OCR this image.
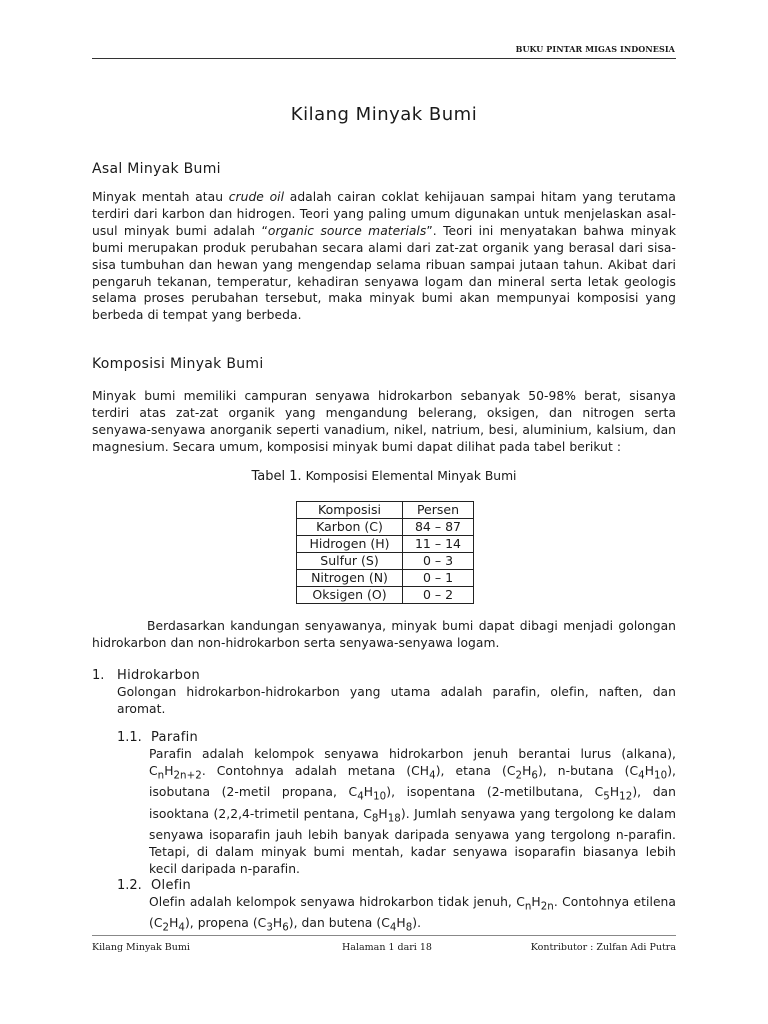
BUKU PINTAR MIGAS INDONESIA
Kilang Minyak Bumi
Asal Minyak Bumi
Minyak mentah atau crude oil adalah cairan coklat kehijauan sampai hitam yang terutama terdiri dari karbon dan hidrogen. Teori yang paling umum digunakan untuk menjelaskan asal-usul minyak bumi adalah “organic source materials”. Teori ini menyatakan bahwa minyak bumi merupakan produk perubahan secara alami dari zat-zat organik yang berasal dari sisa-sisa tumbuhan dan hewan yang mengendap selama ribuan sampai jutaan tahun. Akibat dari pengaruh tekanan, temperatur, kehadiran senyawa logam dan mineral serta letak geologis selama proses perubahan tersebut, maka minyak bumi akan mempunyai komposisi yang berbeda di tempat yang berbeda.
Komposisi Minyak Bumi
Minyak bumi memiliki campuran senyawa hidrokarbon sebanyak 50-98% berat, sisanya terdiri atas zat-zat organik yang mengandung belerang, oksigen, dan nitrogen serta senyawa-senyawa anorganik seperti vanadium, nikel, natrium, besi, aluminium, kalsium, dan magnesium. Secara umum, komposisi minyak bumi dapat dilihat pada tabel berikut :
Tabel 1. Komposisi Elemental Minyak Bumi
Komposisi	Persen
Karbon (C)	84 – 87
Hidrogen (H)	11 – 14
Sulfur (S)	0 – 3
Nitrogen (N)	0 – 1
Oksigen (O)	0 – 2
Berdasarkan kandungan senyawanya, minyak bumi dapat dibagi menjadi golongan hidrokarbon dan non-hidrokarbon serta senyawa-senyawa logam.
1. Hidrokarbon
Golongan hidrokarbon-hidrokarbon yang utama adalah parafin, olefin, naften, dan aromat.
1.1. Parafin
Parafin adalah kelompok senyawa hidrokarbon jenuh berantai lurus (alkana), $C_nH_{2n+2}$. Contohnya adalah metana $(CH_4)$, etana $(C_2H_6)$, n-butana $(C_4H_{10})$, isobutana (2-metil propana, $C_4H_{10}$), isopentana (2-metilbutana, $C_5H_{12}$), dan isooktana (2,2,4-trimetil pentana, $C_8H_{18}$). Jumlah senyawa yang tergolong ke dalam senyawa isoparafin jauh lebih banyak daripada senyawa yang tergolong n-parafin. Tetapi, di dalam minyak bumi mentah, kadar senyawa isoparafin biasanya lebih kecil daripada n-parafin.
1.2. Olefin
Olefin adalah kelompok senyawa hidrokarbon tidak jenuh, $C_nH_{2n}$. Contohnya etilena $(C_2H_4)$, propena $(C_3H_6)$, dan butena $(C_4H_8)$.
Kilang Minyak Bumi	Halaman 1 dari 18	Kontributor : Zulfan Adi Putra
